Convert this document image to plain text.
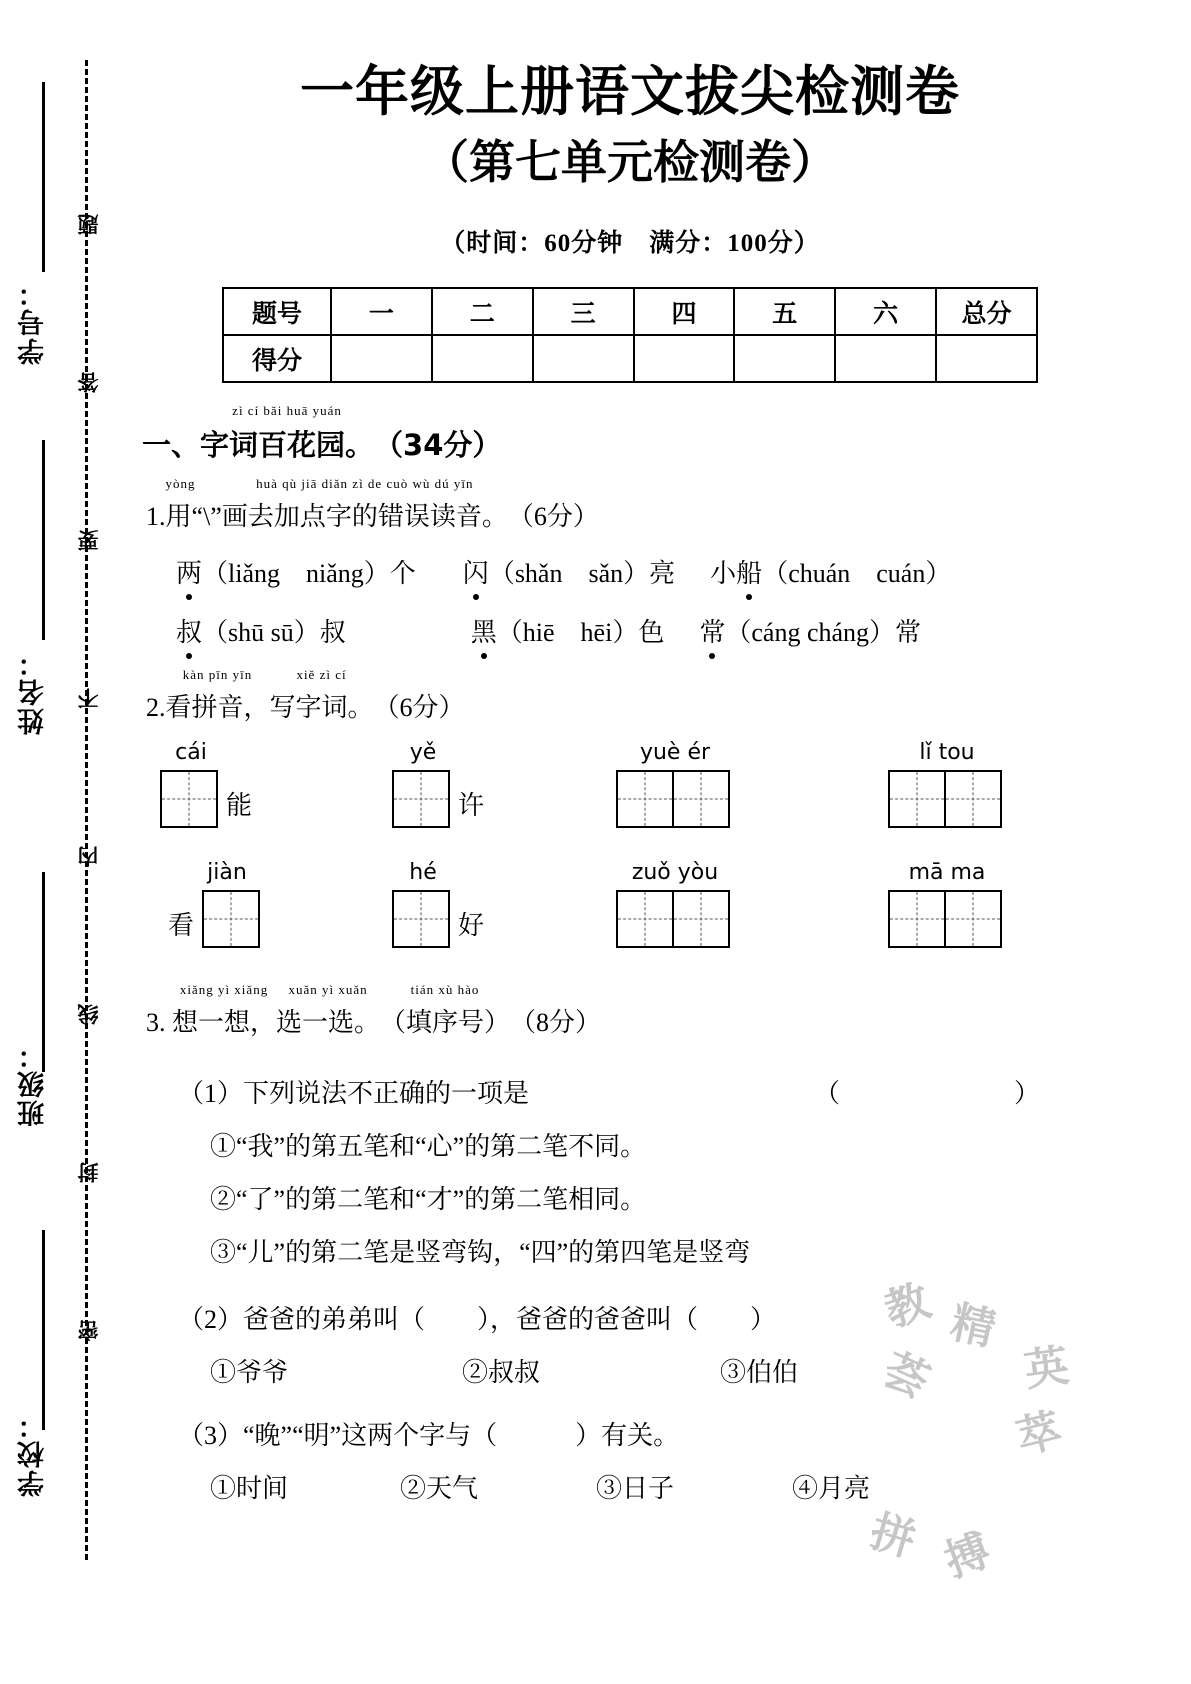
学号：
姓名：
班级：
学校：
题
答
要
不
内
线
封
密
一年级上册语文拔尖检测卷
（第七单元检测卷）
（时间：60分钟　满分：100分）
题号	一	二	三	四	五	六	总分
得分							
一、
zì cí bǎi huā yuán
字词百花园。（34分）
1.
yòng
用“\”
huà qù jiā diǎn zì de cuò wù dú yīn
画去加点字的错误读音。（6分）
两（liǎng　niǎng）个 闪（shǎn　sǎn）亮 小船（chuán　cuán）
叔（shū sū）叔	黑（hiē　hēi）色 常（cáng cháng）常
2.
kàn pīn yīn
看拼音，
xiě zì cí
写字词。（6分）
cái
能
yě
许
yuè ér	lǐ tou
jiàn
看
hé
好
zuǒ yòu	mā ma
3.
xiǎng yì xiǎng
想一想，
xuǎn yì xuǎn
选一选。
tián xù hào
（填序号）（8分）
（　　　）
（1）下列说法不正确的一项是
①“我”的第五笔和“心”的第二笔不同。
②“了”的第二笔和“才”的第二笔相同。
③“儿”的第二笔是竖弯钩，“四”的第四笔是竖弯
（2）爸爸的弟弟叫（　　），爸爸的爸爸叫（　　）
①爷爷	②叔叔	③伯伯
（3）“晚”“明”这两个字与（　　　）有关。
①时间	②天气	③日子	④月亮
教 精
英
荟
萃
拼 搏
